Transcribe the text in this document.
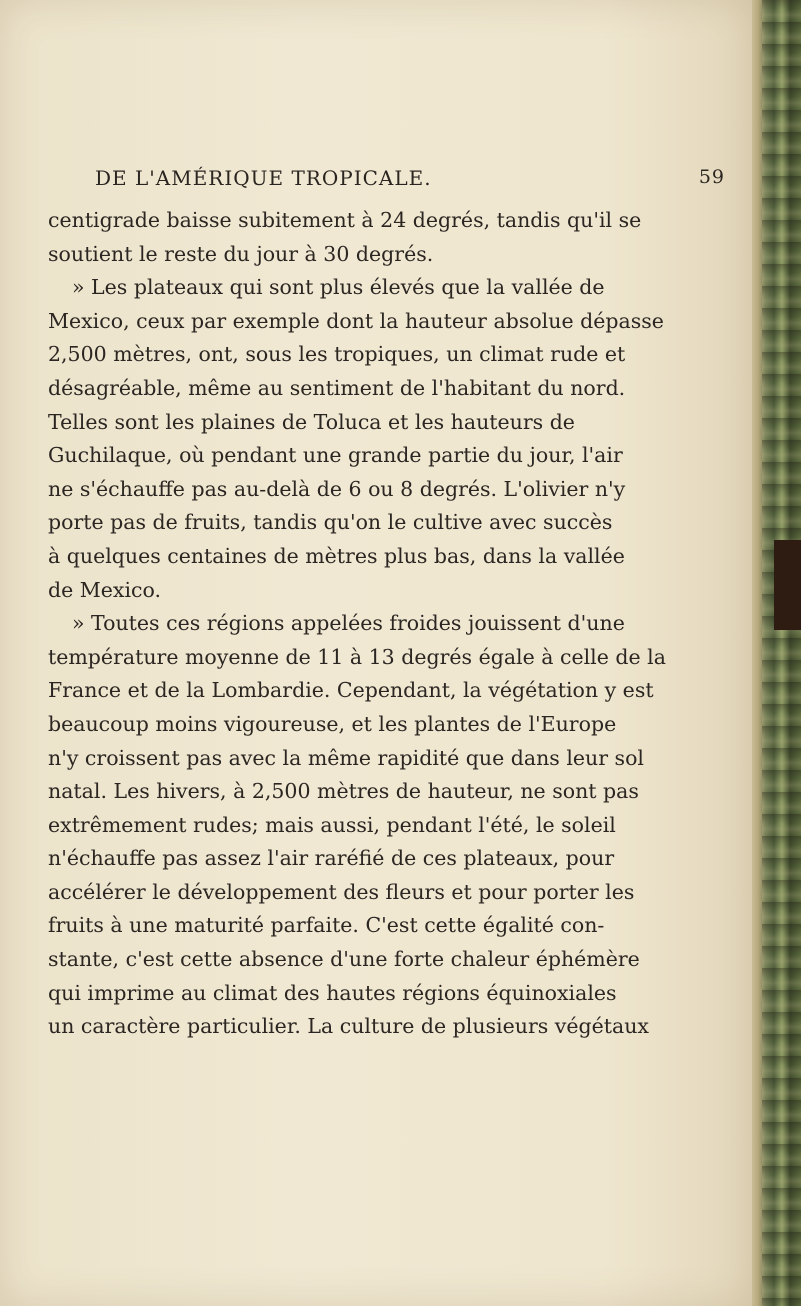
DE L'AMÉRIQUE TROPICALE.	59
centigrade baisse subitement à 24 degrés, tandis qu'il se
soutient le reste du jour à 30 degrés.
» Les plateaux qui sont plus élevés que la vallée de
Mexico, ceux par exemple dont la hauteur absolue dépasse
2,500 mètres, ont, sous les tropiques, un climat rude et
désagréable, même au sentiment de l'habitant du nord.
Telles sont les plaines de Toluca et les hauteurs de
Guchilaque, où pendant une grande partie du jour, l'air
ne s'échauffe pas au-delà de 6 ou 8 degrés. L'olivier n'y
porte pas de fruits, tandis qu'on le cultive avec succès
à quelques centaines de mètres plus bas, dans la vallée
de Mexico.
» Toutes ces régions appelées froides jouissent d'une
température moyenne de 11 à 13 degrés égale à celle de la
France et de la Lombardie. Cependant, la végétation y est
beaucoup moins vigoureuse, et les plantes de l'Europe
n'y croissent pas avec la même rapidité que dans leur sol
natal. Les hivers, à 2,500 mètres de hauteur, ne sont pas
extrêmement rudes; mais aussi, pendant l'été, le soleil
n'échauffe pas assez l'air raréfié de ces plateaux, pour
accélérer le développement des fleurs et pour porter les
fruits à une maturité parfaite. C'est cette égalité con-
stante, c'est cette absence d'une forte chaleur éphémère
qui imprime au climat des hautes régions équinoxiales
un caractère particulier. La culture de plusieurs végétaux
